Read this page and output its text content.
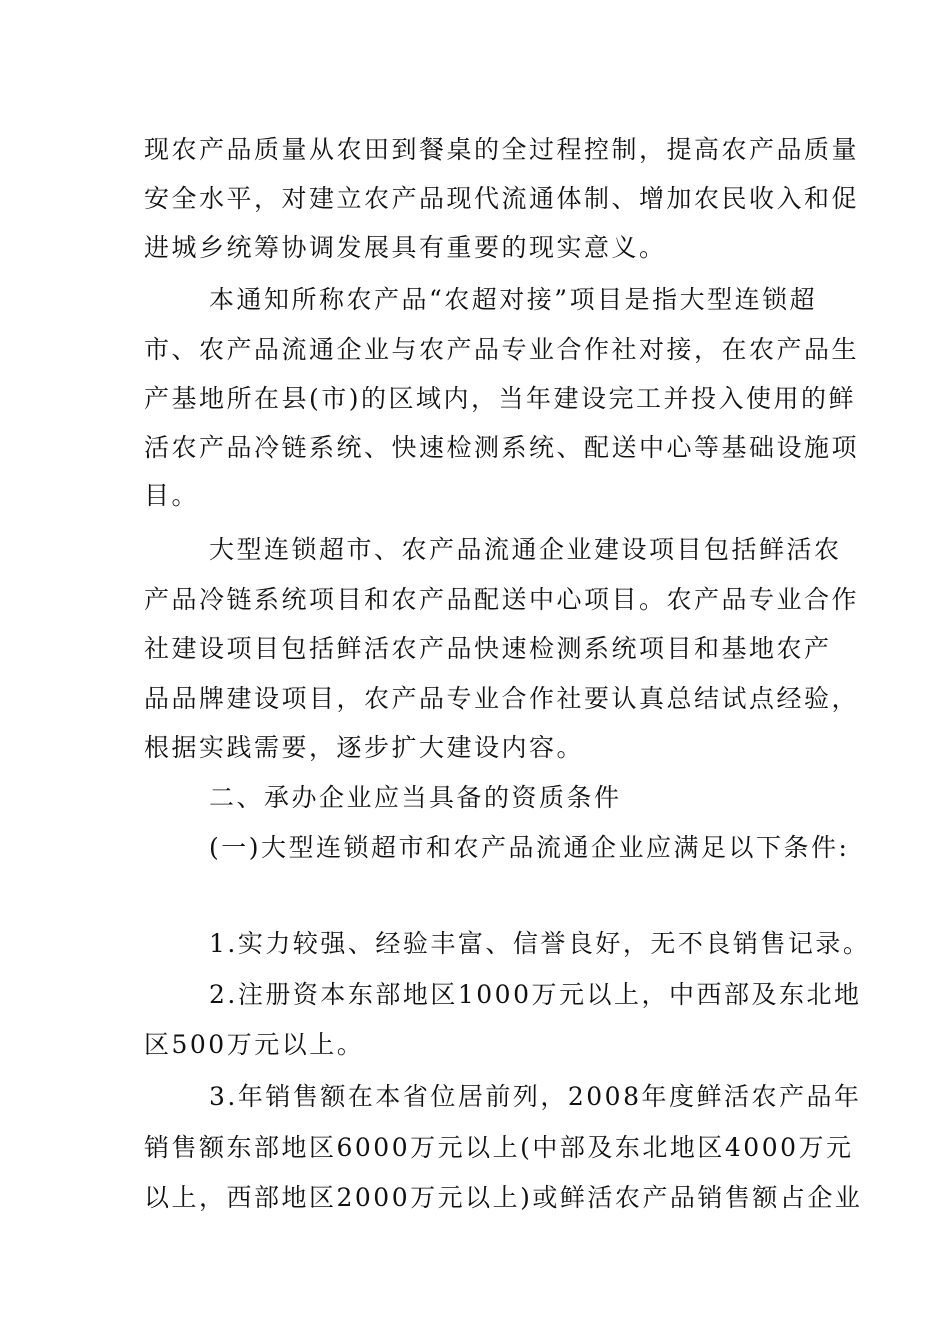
现农产品质量从农田到餐桌的全过程控制，提高农产品质量
安全水平，对建立农产品现代流通体制、增加农民收入和促
进城乡统筹协调发展具有重要的现实意义。
本通知所称农产品“农超对接”项目是指大型连锁超
市、农产品流通企业与农产品专业合作社对接，在农产品生
产基地所在县(市)的区域内，当年建设完工并投入使用的鲜
活农产品冷链系统、快速检测系统、配送中心等基础设施项
目。
大型连锁超市、农产品流通企业建设项目包括鲜活农
产品冷链系统项目和农产品配送中心项目。农产品专业合作
社建设项目包括鲜活农产品快速检测系统项目和基地农产
品品牌建设项目，农产品专业合作社要认真总结试点经验，
根据实践需要，逐步扩大建设内容。
二、承办企业应当具备的资质条件
(一)大型连锁超市和农产品流通企业应满足以下条件:
1.实力较强、经验丰富、信誉良好，无不良销售记录。
2.注册资本东部地区1000万元以上，中西部及东北地
区500万元以上。
3.年销售额在本省位居前列，2008年度鲜活农产品年
销售额东部地区6000万元以上(中部及东北地区4000万元
以上，西部地区2000万元以上)或鲜活农产品销售额占企业
